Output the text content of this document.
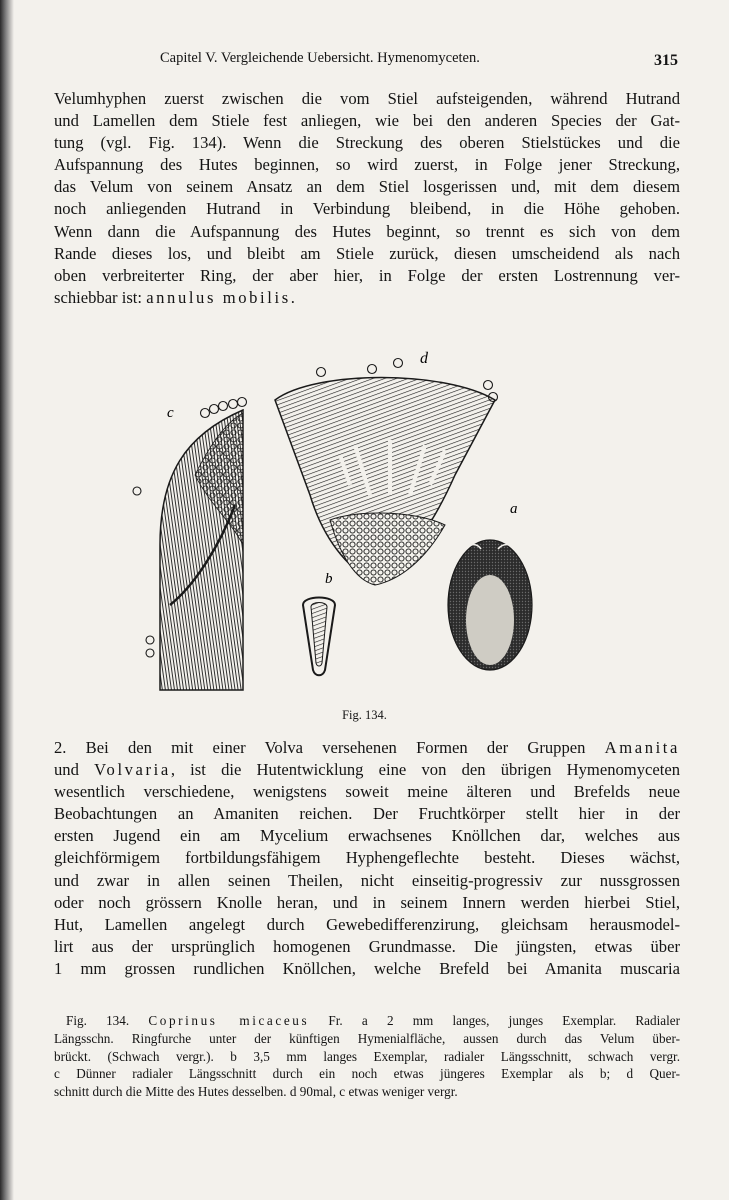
Capitel V. Vergleichende Uebersicht. Hymenomyceten.	315

Velumhyphen zuerst zwischen die vom Stiel aufsteigenden, während Hutrand
und Lamellen dem Stiele fest anliegen, wie bei den anderen Species der Gat-
tung (vgl. Fig. 134). Wenn die Streckung des oberen Stielstückes und die
Aufspannung des Hutes beginnen, so wird zuerst, in Folge jener Streckung,
das Velum von seinem Ansatz an dem Stiel losgerissen und, mit dem diesem
noch anliegenden Hutrand in Verbindung bleibend, in die Höhe gehoben.
Wenn dann die Aufspannung des Hutes beginnt, so trennt es sich von dem
Rande dieses los, und bleibt am Stiele zurück, diesen umscheidend als nach
oben verbreiterter Ring, der aber hier, in Folge der ersten Lostrennung ver-
schiebbar ist: annulus mobilis.

c
d
b
a
Fig. 134.

2. Bei den mit einer Volva versehenen Formen der Gruppen Amanita
und Volvaria, ist die Hutentwicklung eine von den übrigen Hymenomyceten
wesentlich verschiedene, wenigstens soweit meine älteren und Brefelds neue
Beobachtungen an Amaniten reichen. Der Fruchtkörper stellt hier in der
ersten Jugend ein am Mycelium erwachsenes Knöllchen dar, welches aus
gleichförmigem fortbildungsfähigem Hyphengeflechte besteht. Dieses wächst,
und zwar in allen seinen Theilen, nicht einseitig-progressiv zur nussgrossen
oder noch grössern Knolle heran, und in seinem Innern werden hierbei Stiel,
Hut, Lamellen angelegt durch Gewebedifferenzirung, gleichsam herausmodel-
lirt aus der ursprünglich homogenen Grundmasse. Die jüngsten, etwas über
1 mm grossen rundlichen Knöllchen, welche Brefeld bei Amanita muscaria

Fig. 134. Coprinus micaceus Fr. a 2 mm langes, junges Exemplar. Radialer
Längsschn. Ringfurche unter der künftigen Hymenialfläche, aussen durch das Velum über-
brückt. (Schwach vergr.). b 3,5 mm langes Exemplar, radialer Längsschnitt, schwach vergr.
c Dünner radialer Längsschnitt durch ein noch etwas jüngeres Exemplar als b; d Quer-
schnitt durch die Mitte des Hutes desselben. d 90mal, c etwas weniger vergr.
